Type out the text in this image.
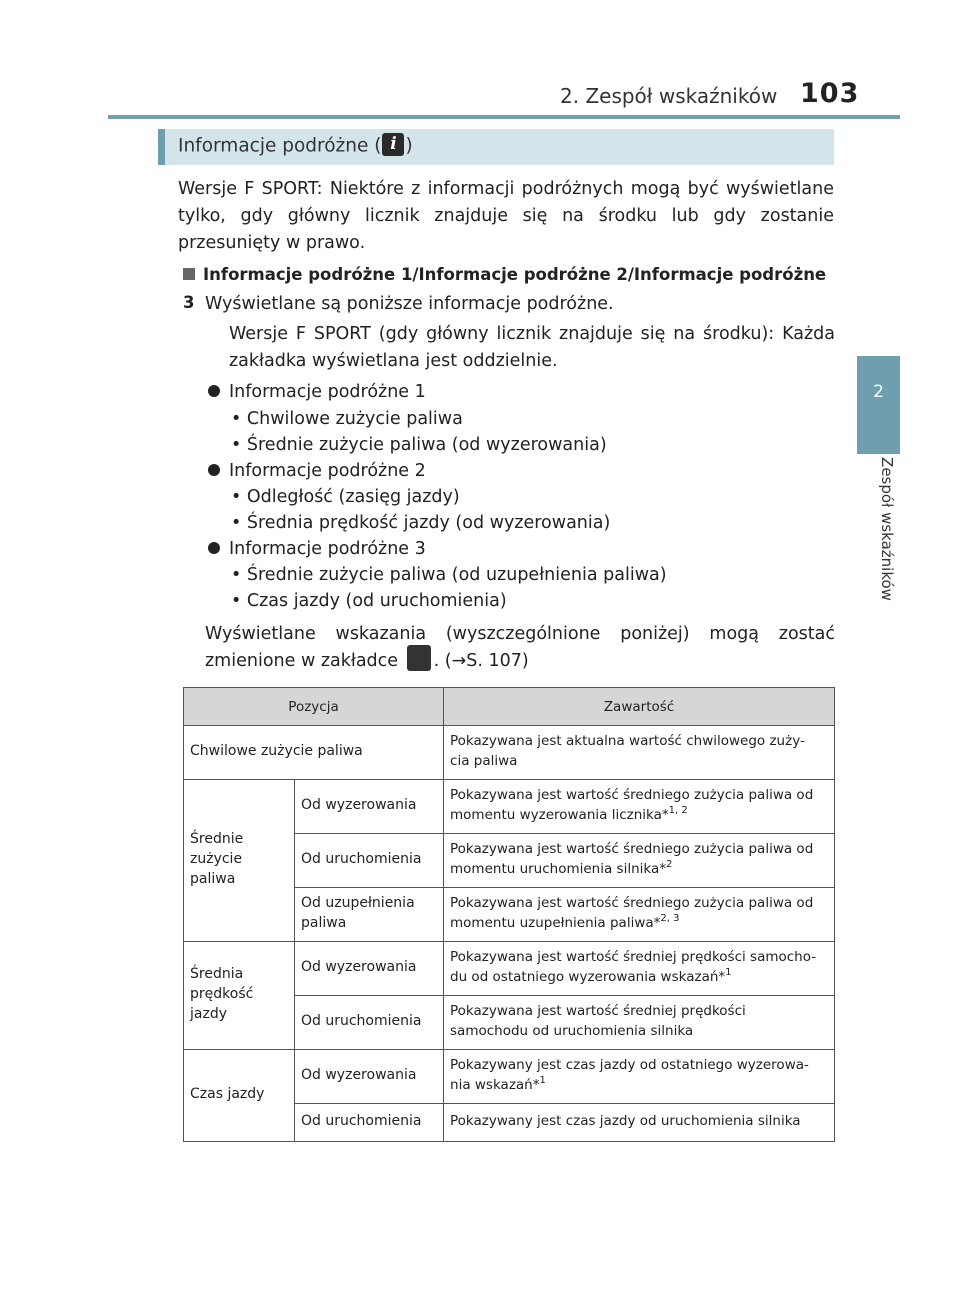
2. Zespół wskaźników 103
2
Zespół wskaźników
Informacje podróżne ( i )
Wersje F SPORT: Niektóre z informacji podróżnych mogą być wyświetlane tylko, gdy główny licznik znajduje się na środku lub gdy zostanie przesunięty w prawo.
Informacje podróżne 1/Informacje podróżne 2/Informacje podróżne 3 Wyświetlane są poniższe informacje podróżne.
Wersje F SPORT (gdy główny licznik znajduje się na środku): Każda zakładka wyświetlana jest oddzielnie.
Informacje podróżne 1
• Chwilowe zużycie paliwa
• Średnie zużycie paliwa (od wyzerowania)
Informacje podróżne 2
• Odległość (zasięg jazdy)
• Średnia prędkość jazdy (od wyzerowania)
Informacje podróżne 3
• Średnie zużycie paliwa (od uzupełnienia paliwa)
• Czas jazdy (od uruchomienia)
Wyświetlane wskazania (wyszczególnione poniżej) mogą zostać zmienione w zakładce . (→S. 107)
Pozycja		Zawartość
Chwilowe zużycie paliwa		Pokazywana jest aktualna wartość chwilowego zuży- cia paliwa
Średnie zużycie paliwa	Od wyzerowania	Pokazywana jest wartość średniego zużycia paliwa od momentu wyzerowania licznika*$^{1, 2}$
	Od uruchomienia	Pokazywana jest wartość średniego zużycia paliwa od momentu uruchomienia silnika*$^2$
	Od uzupełnienia paliwa	Pokazywana jest wartość średniego zużycia paliwa od momentu uzupełnienia paliwa*$^{2, 3}$
Średnia prędkość jazdy	Od wyzerowania	Pokazywana jest wartość średniej prędkości samocho- du od ostatniego wyzerowania wskazań*$^1$
	Od uruchomienia	Pokazywana jest wartość średniej prędkości samochodu od uruchomienia silnika
Czas jazdy	Od wyzerowania	Pokazywany jest czas jazdy od ostatniego wyzerowa- nia wskazań*$^1$
	Od uruchomienia	Pokazywany jest czas jazdy od uruchomienia silnika
